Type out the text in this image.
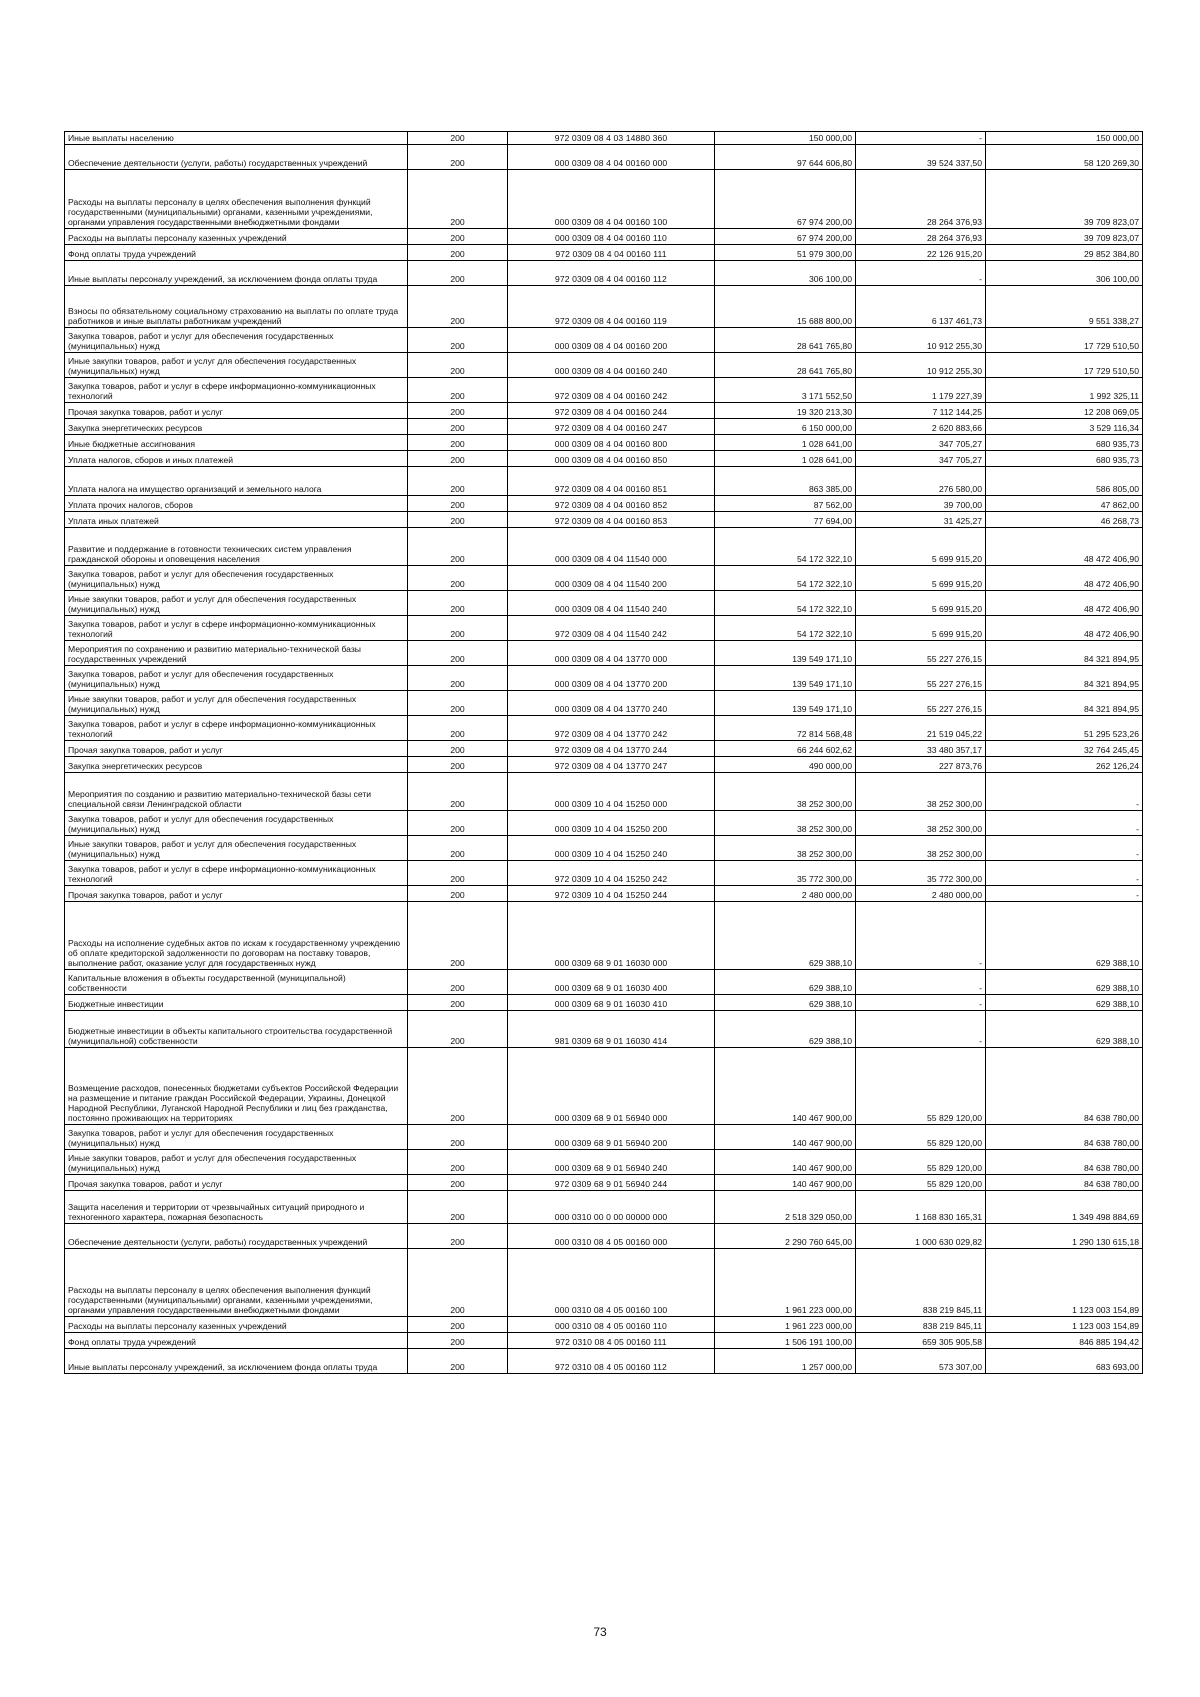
Иные выплаты населению	200	972 0309 08 4 03 14880 360	150 000,00	-	150 000,00
Обеспечение деятельности (услуги, работы) государственных учреждений	200	000 0309 08 4 04 00160 000	97 644 606,80	39 524 337,50	58 120 269,30
Расходы на выплаты персоналу в целях обеспечения выполнения функций государственными (муниципальными) органами, казенными учреждениями, органами управления государственными внебюджетными фондами	200	000 0309 08 4 04 00160 100	67 974 200,00	28 264 376,93	39 709 823,07
Расходы на выплаты персоналу казенных учреждений	200	000 0309 08 4 04 00160 110	67 974 200,00	28 264 376,93	39 709 823,07
Фонд оплаты труда учреждений	200	972 0309 08 4 04 00160 111	51 979 300,00	22 126 915,20	29 852 384,80
Иные выплаты персоналу учреждений, за исключением фонда оплаты труда	200	972 0309 08 4 04 00160 112	306 100,00	-	306 100,00
Взносы по обязательному социальному страхованию на выплаты по оплате труда работников и иные выплаты работникам учреждений	200	972 0309 08 4 04 00160 119	15 688 800,00	6 137 461,73	9 551 338,27
Закупка товаров, работ и услуг для обеспечения государственных (муниципальных) нужд	200	000 0309 08 4 04 00160 200	28 641 765,80	10 912 255,30	17 729 510,50
Иные закупки товаров, работ и услуг для обеспечения государственных (муниципальных) нужд	200	000 0309 08 4 04 00160 240	28 641 765,80	10 912 255,30	17 729 510,50
Закупка товаров, работ и услуг в сфере информационно-коммуникационных технологий	200	972 0309 08 4 04 00160 242	3 171 552,50	1 179 227,39	1 992 325,11
Прочая закупка товаров, работ и услуг	200	972 0309 08 4 04 00160 244	19 320 213,30	7 112 144,25	12 208 069,05
Закупка энергетических ресурсов	200	972 0309 08 4 04 00160 247	6 150 000,00	2 620 883,66	3 529 116,34
Иные бюджетные ассигнования	200	000 0309 08 4 04 00160 800	1 028 641,00	347 705,27	680 935,73
Уплата налогов, сборов и иных платежей	200	000 0309 08 4 04 00160 850	1 028 641,00	347 705,27	680 935,73
Уплата налога на имущество организаций и земельного налога	200	972 0309 08 4 04 00160 851	863 385,00	276 580,00	586 805,00
Уплата прочих налогов, сборов	200	972 0309 08 4 04 00160 852	87 562,00	39 700,00	47 862,00
Уплата иных платежей	200	972 0309 08 4 04 00160 853	77 694,00	31 425,27	46 268,73
Развитие и поддержание в готовности технических систем управления гражданской обороны и оповещения населения	200	000 0309 08 4 04 11540 000	54 172 322,10	5 699 915,20	48 472 406,90
Закупка товаров, работ и услуг для обеспечения государственных (муниципальных) нужд	200	000 0309 08 4 04 11540 200	54 172 322,10	5 699 915,20	48 472 406,90
Иные закупки товаров, работ и услуг для обеспечения государственных (муниципальных) нужд	200	000 0309 08 4 04 11540 240	54 172 322,10	5 699 915,20	48 472 406,90
Закупка товаров, работ и услуг в сфере информационно-коммуникационных технологий	200	972 0309 08 4 04 11540 242	54 172 322,10	5 699 915,20	48 472 406,90
Мероприятия по сохранению и развитию материально-технической базы государственных учреждений	200	000 0309 08 4 04 13770 000	139 549 171,10	55 227 276,15	84 321 894,95
Закупка товаров, работ и услуг для обеспечения государственных (муниципальных) нужд	200	000 0309 08 4 04 13770 200	139 549 171,10	55 227 276,15	84 321 894,95
Иные закупки товаров, работ и услуг для обеспечения государственных (муниципальных) нужд	200	000 0309 08 4 04 13770 240	139 549 171,10	55 227 276,15	84 321 894,95
Закупка товаров, работ и услуг в сфере информационно-коммуникационных технологий	200	972 0309 08 4 04 13770 242	72 814 568,48	21 519 045,22	51 295 523,26
Прочая закупка товаров, работ и услуг	200	972 0309 08 4 04 13770 244	66 244 602,62	33 480 357,17	32 764 245,45
Закупка энергетических ресурсов	200	972 0309 08 4 04 13770 247	490 000,00	227 873,76	262 126,24
Мероприятия по созданию и развитию материально-технической базы сети специальной связи Ленинградской области	200	000 0309 10 4 04 15250 000	38 252 300,00	38 252 300,00	-
Закупка товаров, работ и услуг для обеспечения государственных (муниципальных) нужд	200	000 0309 10 4 04 15250 200	38 252 300,00	38 252 300,00	-
Иные закупки товаров, работ и услуг для обеспечения государственных (муниципальных) нужд	200	000 0309 10 4 04 15250 240	38 252 300,00	38 252 300,00	-
Закупка товаров, работ и услуг в сфере информационно-коммуникационных технологий	200	972 0309 10 4 04 15250 242	35 772 300,00	35 772 300,00	-
Прочая закупка товаров, работ и услуг	200	972 0309 10 4 04 15250 244	2 480 000,00	2 480 000,00	-
Расходы на исполнение судебных актов по искам к государственному учреждению об оплате кредиторской задолженности по договорам на поставку товаров, выполнение работ, оказание услуг для государственных нужд	200	000 0309 68 9 01 16030 000	629 388,10	-	629 388,10
Капитальные вложения в объекты государственной (муниципальной) собственности	200	000 0309 68 9 01 16030 400	629 388,10	-	629 388,10
Бюджетные инвестиции	200	000 0309 68 9 01 16030 410	629 388,10	-	629 388,10
Бюджетные инвестиции в объекты капитального строительства государственной (муниципальной) собственности	200	981 0309 68 9 01 16030 414	629 388,10	-	629 388,10
Возмещение расходов, понесенных бюджетами субъектов Российской Федерации на размещение и питание граждан Российской Федерации, Украины, Донецкой Народной Республики, Луганской Народной Республики и лиц без гражданства, постоянно проживающих на территориях	200	000 0309 68 9 01 56940 000	140 467 900,00	55 829 120,00	84 638 780,00
Закупка товаров, работ и услуг для обеспечения государственных (муниципальных) нужд	200	000 0309 68 9 01 56940 200	140 467 900,00	55 829 120,00	84 638 780,00
Иные закупки товаров, работ и услуг для обеспечения государственных (муниципальных) нужд	200	000 0309 68 9 01 56940 240	140 467 900,00	55 829 120,00	84 638 780,00
Прочая закупка товаров, работ и услуг	200	972 0309 68 9 01 56940 244	140 467 900,00	55 829 120,00	84 638 780,00
Защита населения и территории от чрезвычайных ситуаций природного и техногенного характера, пожарная безопасность	200	000 0310 00 0 00 00000 000	2 518 329 050,00	1 168 830 165,31	1 349 498 884,69
Обеспечение деятельности (услуги, работы) государственных учреждений	200	000 0310 08 4 05 00160 000	2 290 760 645,00	1 000 630 029,82	1 290 130 615,18
Расходы на выплаты персоналу в целях обеспечения выполнения функций государственными (муниципальными) органами, казенными учреждениями, органами управления государственными внебюджетными фондами	200	000 0310 08 4 05 00160 100	1 961 223 000,00	838 219 845,11	1 123 003 154,89
Расходы на выплаты персоналу казенных учреждений	200	000 0310 08 4 05 00160 110	1 961 223 000,00	838 219 845,11	1 123 003 154,89
Фонд оплаты труда учреждений	200	972 0310 08 4 05 00160 111	1 506 191 100,00	659 305 905,58	846 885 194,42
Иные выплаты персоналу учреждений, за исключением фонда оплаты труда	200	972 0310 08 4 05 00160 112	1 257 000,00	573 307,00	683 693,00
73
